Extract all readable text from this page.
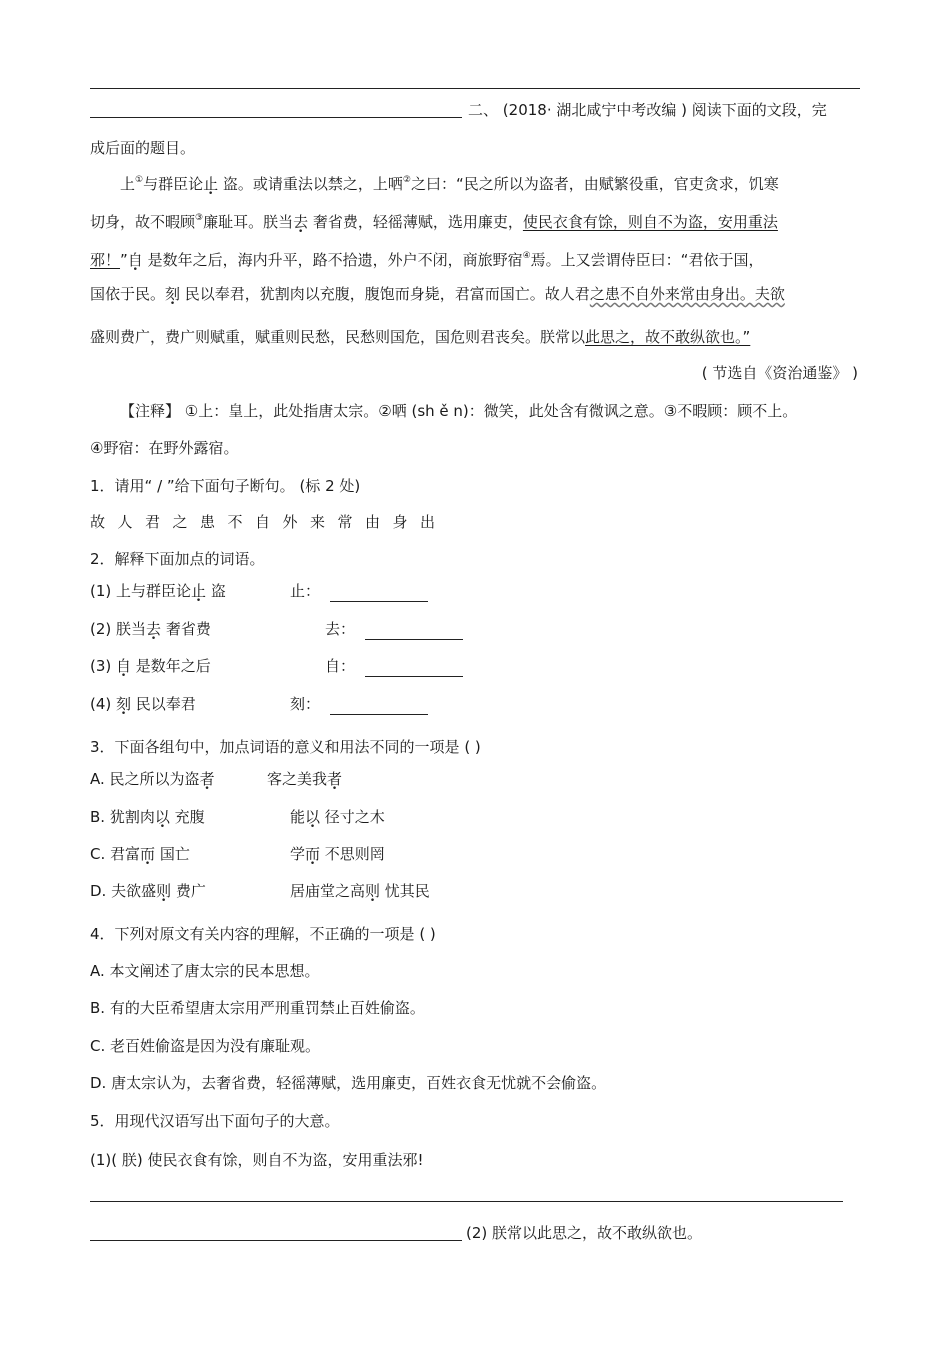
二、 (2018· 湖北咸宁中考改编 ) 阅读下面的文段，完
成后面的题目。
上①与群臣论止 盗。或请重法以禁之，上哂②之曰：“民之所以为盗者，由赋繁役重，官吏贪求，饥寒
切身，故不暇顾③廉耻耳。朕当去 奢省费，轻徭薄赋，选用廉吏，使民衣食有馀，则自不为盗，安用重法
邪！”自 是数年之后，海内升平，路不拾遗，外户不闭，商旅野宿④焉。上又尝谓侍臣曰：“君依于国，
国依于民。刻 民以奉君，犹割肉以充腹，腹饱而身毙，君富而国亡。故人君之患不自外来常由身出。夫欲
盛则费广，费广则赋重，赋重则民愁，民愁则国危，国危则君丧矣。朕常以此思之，故不敢纵欲也。”
( 节选自《资治通鉴》 )
【注释】 ①上：皇上，此处指唐太宗。②哂 (sh ě n)：微笑，此处含有微讽之意。③不暇顾：顾不上。
④野宿：在野外露宿。
1．请用“ / ”给下面句子断句。 (标 2 处)
故人君之患不自外来常由身出
2．解释下面加点的词语。
(1) 上与群臣论止 盗	止：
(2) 朕当去 奢省费	去：
(3) 自 是数年之后	自：
(4) 刻 民以奉君	刻：
3．下面各组句中，加点词语的意义和用法不同的一项是 ( )
A. 民之所以为盗者	客之美我者
B. 犹割肉以 充腹	能以 径寸之木
C. 君富而 国亡	学而 不思则罔
D. 夫欲盛则 费广	居庙堂之高则 忧其民
4．下列对原文有关内容的理解，不正确的一项是 ( )
A. 本文阐述了唐太宗的民本思想。
B. 有的大臣希望唐太宗用严刑重罚禁止百姓偷盗。
C. 老百姓偷盗是因为没有廉耻观。
D. 唐太宗认为，去奢省费，轻徭薄赋，选用廉吏，百姓衣食无忧就不会偷盗。
5．用现代汉语写出下面句子的大意。
(1)( 朕) 使民衣食有馀，则自不为盗，安用重法邪!
(2) 朕常以此思之，故不敢纵欲也。
